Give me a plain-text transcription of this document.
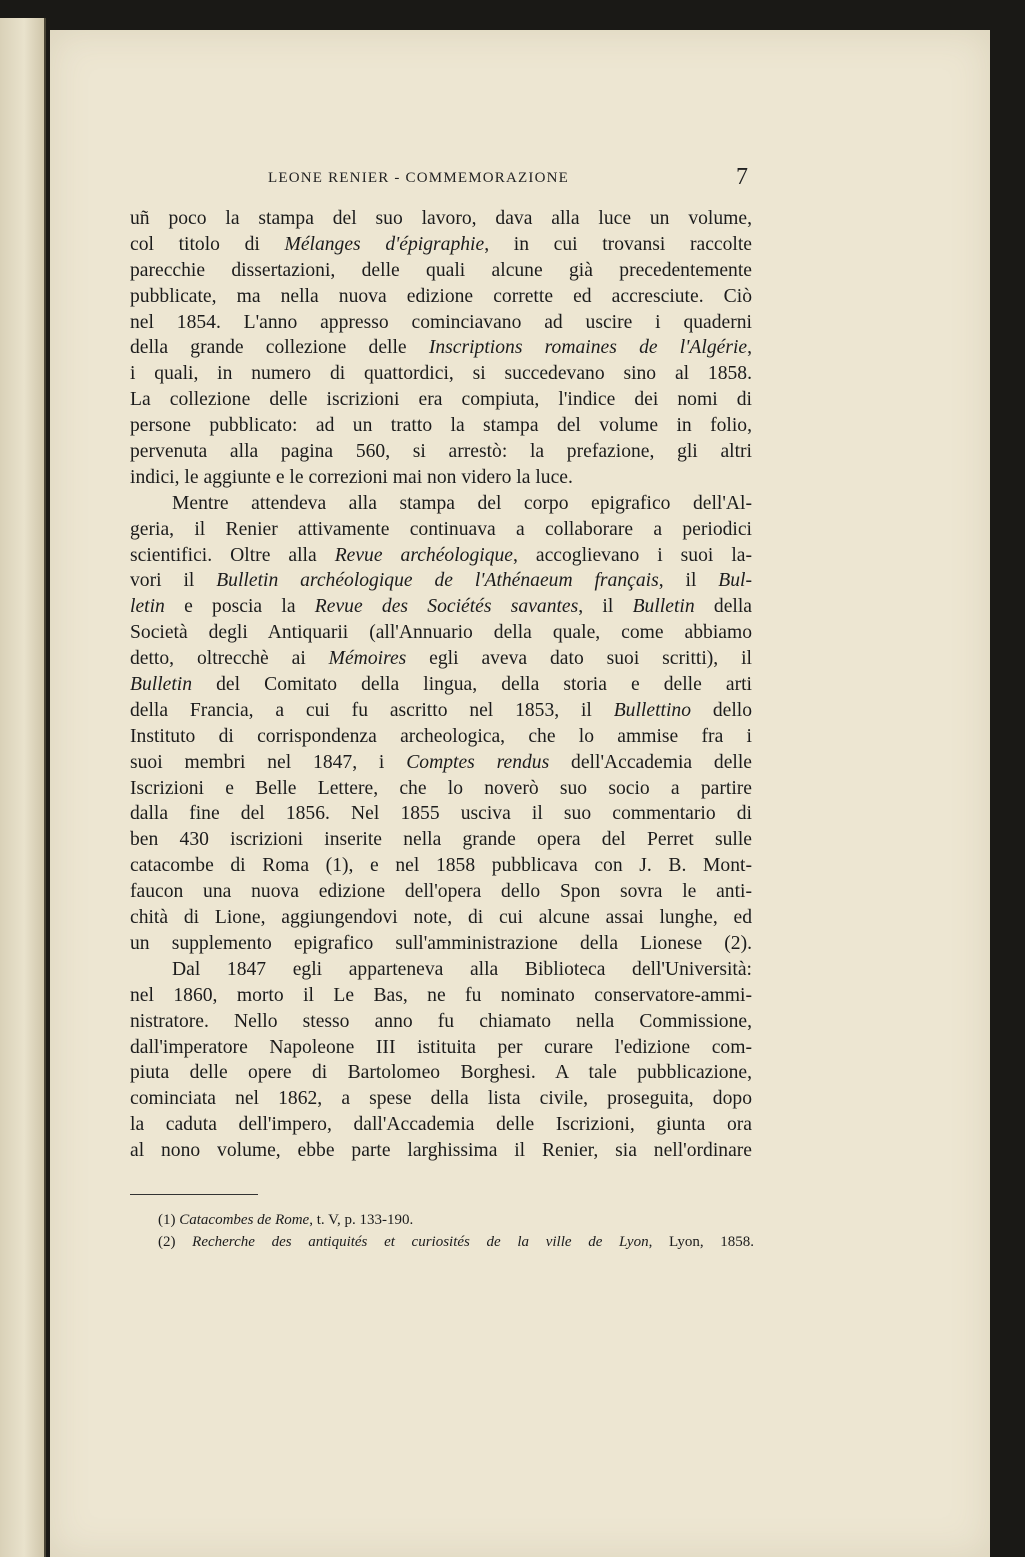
LEONE RENIER - COMMEMORAZIONE	7
uñ poco la stampa del suo lavoro, dava alla luce un volume,
col titolo di Mélanges d'épigraphie, in cui trovansi raccolte
parecchie dissertazioni, delle quali alcune già precedentemente
pubblicate, ma nella nuova edizione corrette ed accresciute. Ciò
nel 1854. L'anno appresso cominciavano ad uscire i quaderni
della grande collezione delle Inscriptions romaines de l'Algérie,
i quali, in numero di quattordici, si succedevano sino al 1858.
La collezione delle iscrizioni era compiuta, l'indice dei nomi di
persone pubblicato: ad un tratto la stampa del volume in folio,
pervenuta alla pagina 560, si arrestò: la prefazione, gli altri
indici, le aggiunte e le correzioni mai non videro la luce.
Mentre attendeva alla stampa del corpo epigrafico dell'Al-
geria, il Renier attivamente continuava a collaborare a periodici
scientifici. Oltre alla Revue archéologique, accoglievano i suoi la-
vori il Bulletin archéologique de l'Athénaeum français, il Bul-
letin e poscia la Revue des Sociétés savantes, il Bulletin della
Società degli Antiquarii (all'Annuario della quale, come abbiamo
detto, oltrecchè ai Mémoires egli aveva dato suoi scritti), il
Bulletin del Comitato della lingua, della storia e delle arti
della Francia, a cui fu ascritto nel 1853, il Bullettino dello
Instituto di corrispondenza archeologica, che lo ammise fra i
suoi membri nel 1847, i Comptes rendus dell'Accademia delle
Iscrizioni e Belle Lettere, che lo noverò suo socio a partire
dalla fine del 1856. Nel 1855 usciva il suo commentario di
ben 430 iscrizioni inserite nella grande opera del Perret sulle
catacombe di Roma (1), e nel 1858 pubblicava con J. B. Mont-
faucon una nuova edizione dell'opera dello Spon sovra le anti-
chità di Lione, aggiungendovi note, di cui alcune assai lunghe, ed
un supplemento epigrafico sull'amministrazione della Lionese (2).
Dal 1847 egli apparteneva alla Biblioteca dell'Università:
nel 1860, morto il Le Bas, ne fu nominato conservatore-ammi-
nistratore. Nello stesso anno fu chiamato nella Commissione,
dall'imperatore Napoleone III istituita per curare l'edizione com-
piuta delle opere di Bartolomeo Borghesi. A tale pubblicazione,
cominciata nel 1862, a spese della lista civile, proseguita, dopo
la caduta dell'impero, dall'Accademia delle Iscrizioni, giunta ora
al nono volume, ebbe parte larghissima il Renier, sia nell'ordinare
(1) Catacombes de Rome, t. V, p. 133-190.
(2) Recherche des antiquités et curiosités de la ville de Lyon, Lyon, 1858.
